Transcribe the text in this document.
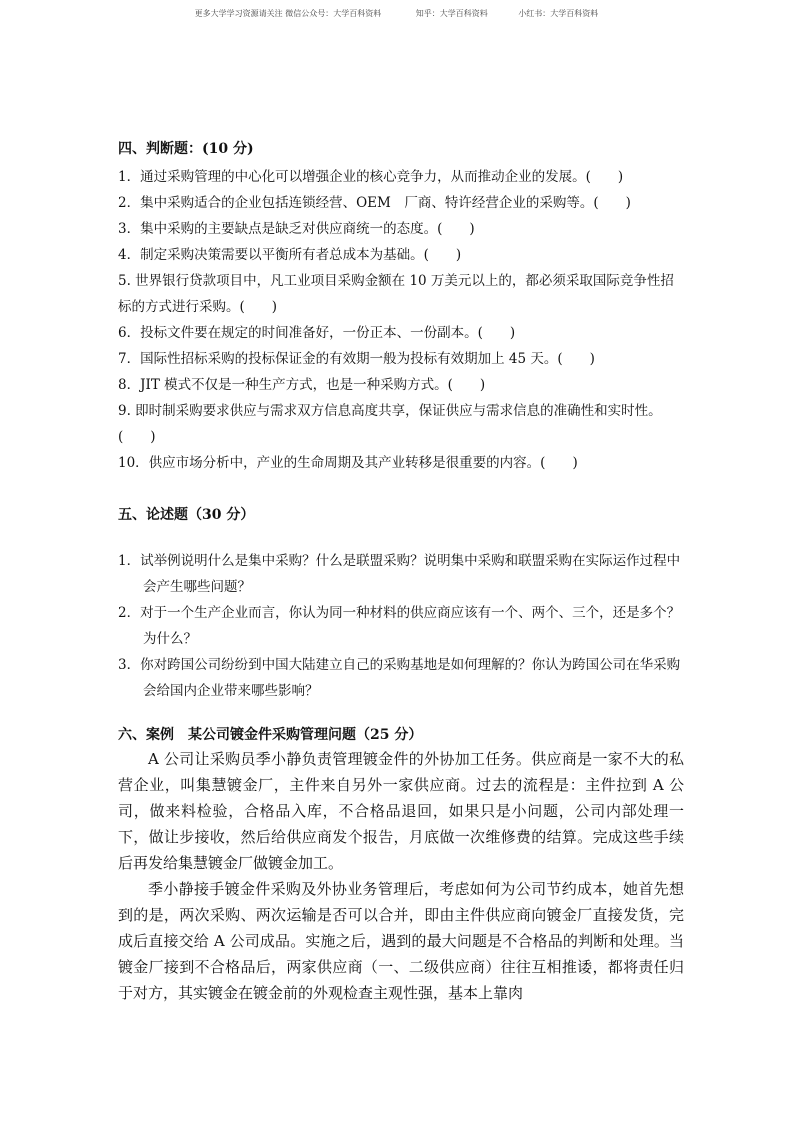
更多大学学习资源请关注 微信公众号：大学百科资料	知乎：大学百科资料	小红书：大学百科资料
四、判断题：(10 分)
1．通过采购管理的中心化可以增强企业的核心竞争力，从而推动企业的发展。(　　)
2．集中采购适合的企业包括连锁经营、OEM　厂商、特许经营企业的采购等。(　　)
3．集中采购的主要缺点是缺乏对供应商统一的态度。(　　)
4．制定采购决策需要以平衡所有者总成本为基础。(　　)
5. 世界银行贷款项目中，凡工业项目采购金额在 10 万美元以上的，都必须采取国际竞争性招标的方式进行采购。(　　)
6．投标文件要在规定的时间准备好，一份正本、一份副本。(　　)
7．国际性招标采购的投标保证金的有效期一般为投标有效期加上 45 天。(　　)
8．JIT 模式不仅是一种生产方式，也是一种采购方式。(　　)
9. 即时制采购要求供应与需求双方信息高度共享，保证供应与需求信息的准确性和实时性。(　　)
10．供应市场分析中，产业的生命周期及其产业转移是很重要的内容。(　　)
五、论述题（30 分）
1．试举例说明什么是集中采购？什么是联盟采购？说明集中采购和联盟采购在实际运作过程中会产生哪些问题？
2．对于一个生产企业而言，你认为同一种材料的供应商应该有一个、两个、三个，还是多个？为什么？
3．你对跨国公司纷纷到中国大陆建立自己的采购基地是如何理解的？你认为跨国公司在华采购会给国内企业带来哪些影响？
六、案例　某公司镀金件采购管理问题（25 分）

A 公司让采购员季小静负责管理镀金件的外协加工任务。供应商是一家不大的私营企业，叫集慧镀金厂，主件来自另外一家供应商。过去的流程是：主件拉到 A 公司，做来料检验，合格品入库，不合格品退回，如果只是小问题，公司内部处理一下，做让步接收，然后给供应商发个报告，月底做一次维修费的结算。完成这些手续后再发给集慧镀金厂做镀金加工。

季小静接手镀金件采购及外协业务管理后，考虑如何为公司节约成本，她首先想到的是，两次采购、两次运输是否可以合并，即由主件供应商向镀金厂直接发货，完成后直接交给 A 公司成品。实施之后，遇到的最大问题是不合格品的判断和处理。当镀金厂接到不合格品后，两家供应商（一、二级供应商）往往互相推诿，都将责任归于对方，其实镀金在镀金前的外观检查主观性强，基本上靠肉
